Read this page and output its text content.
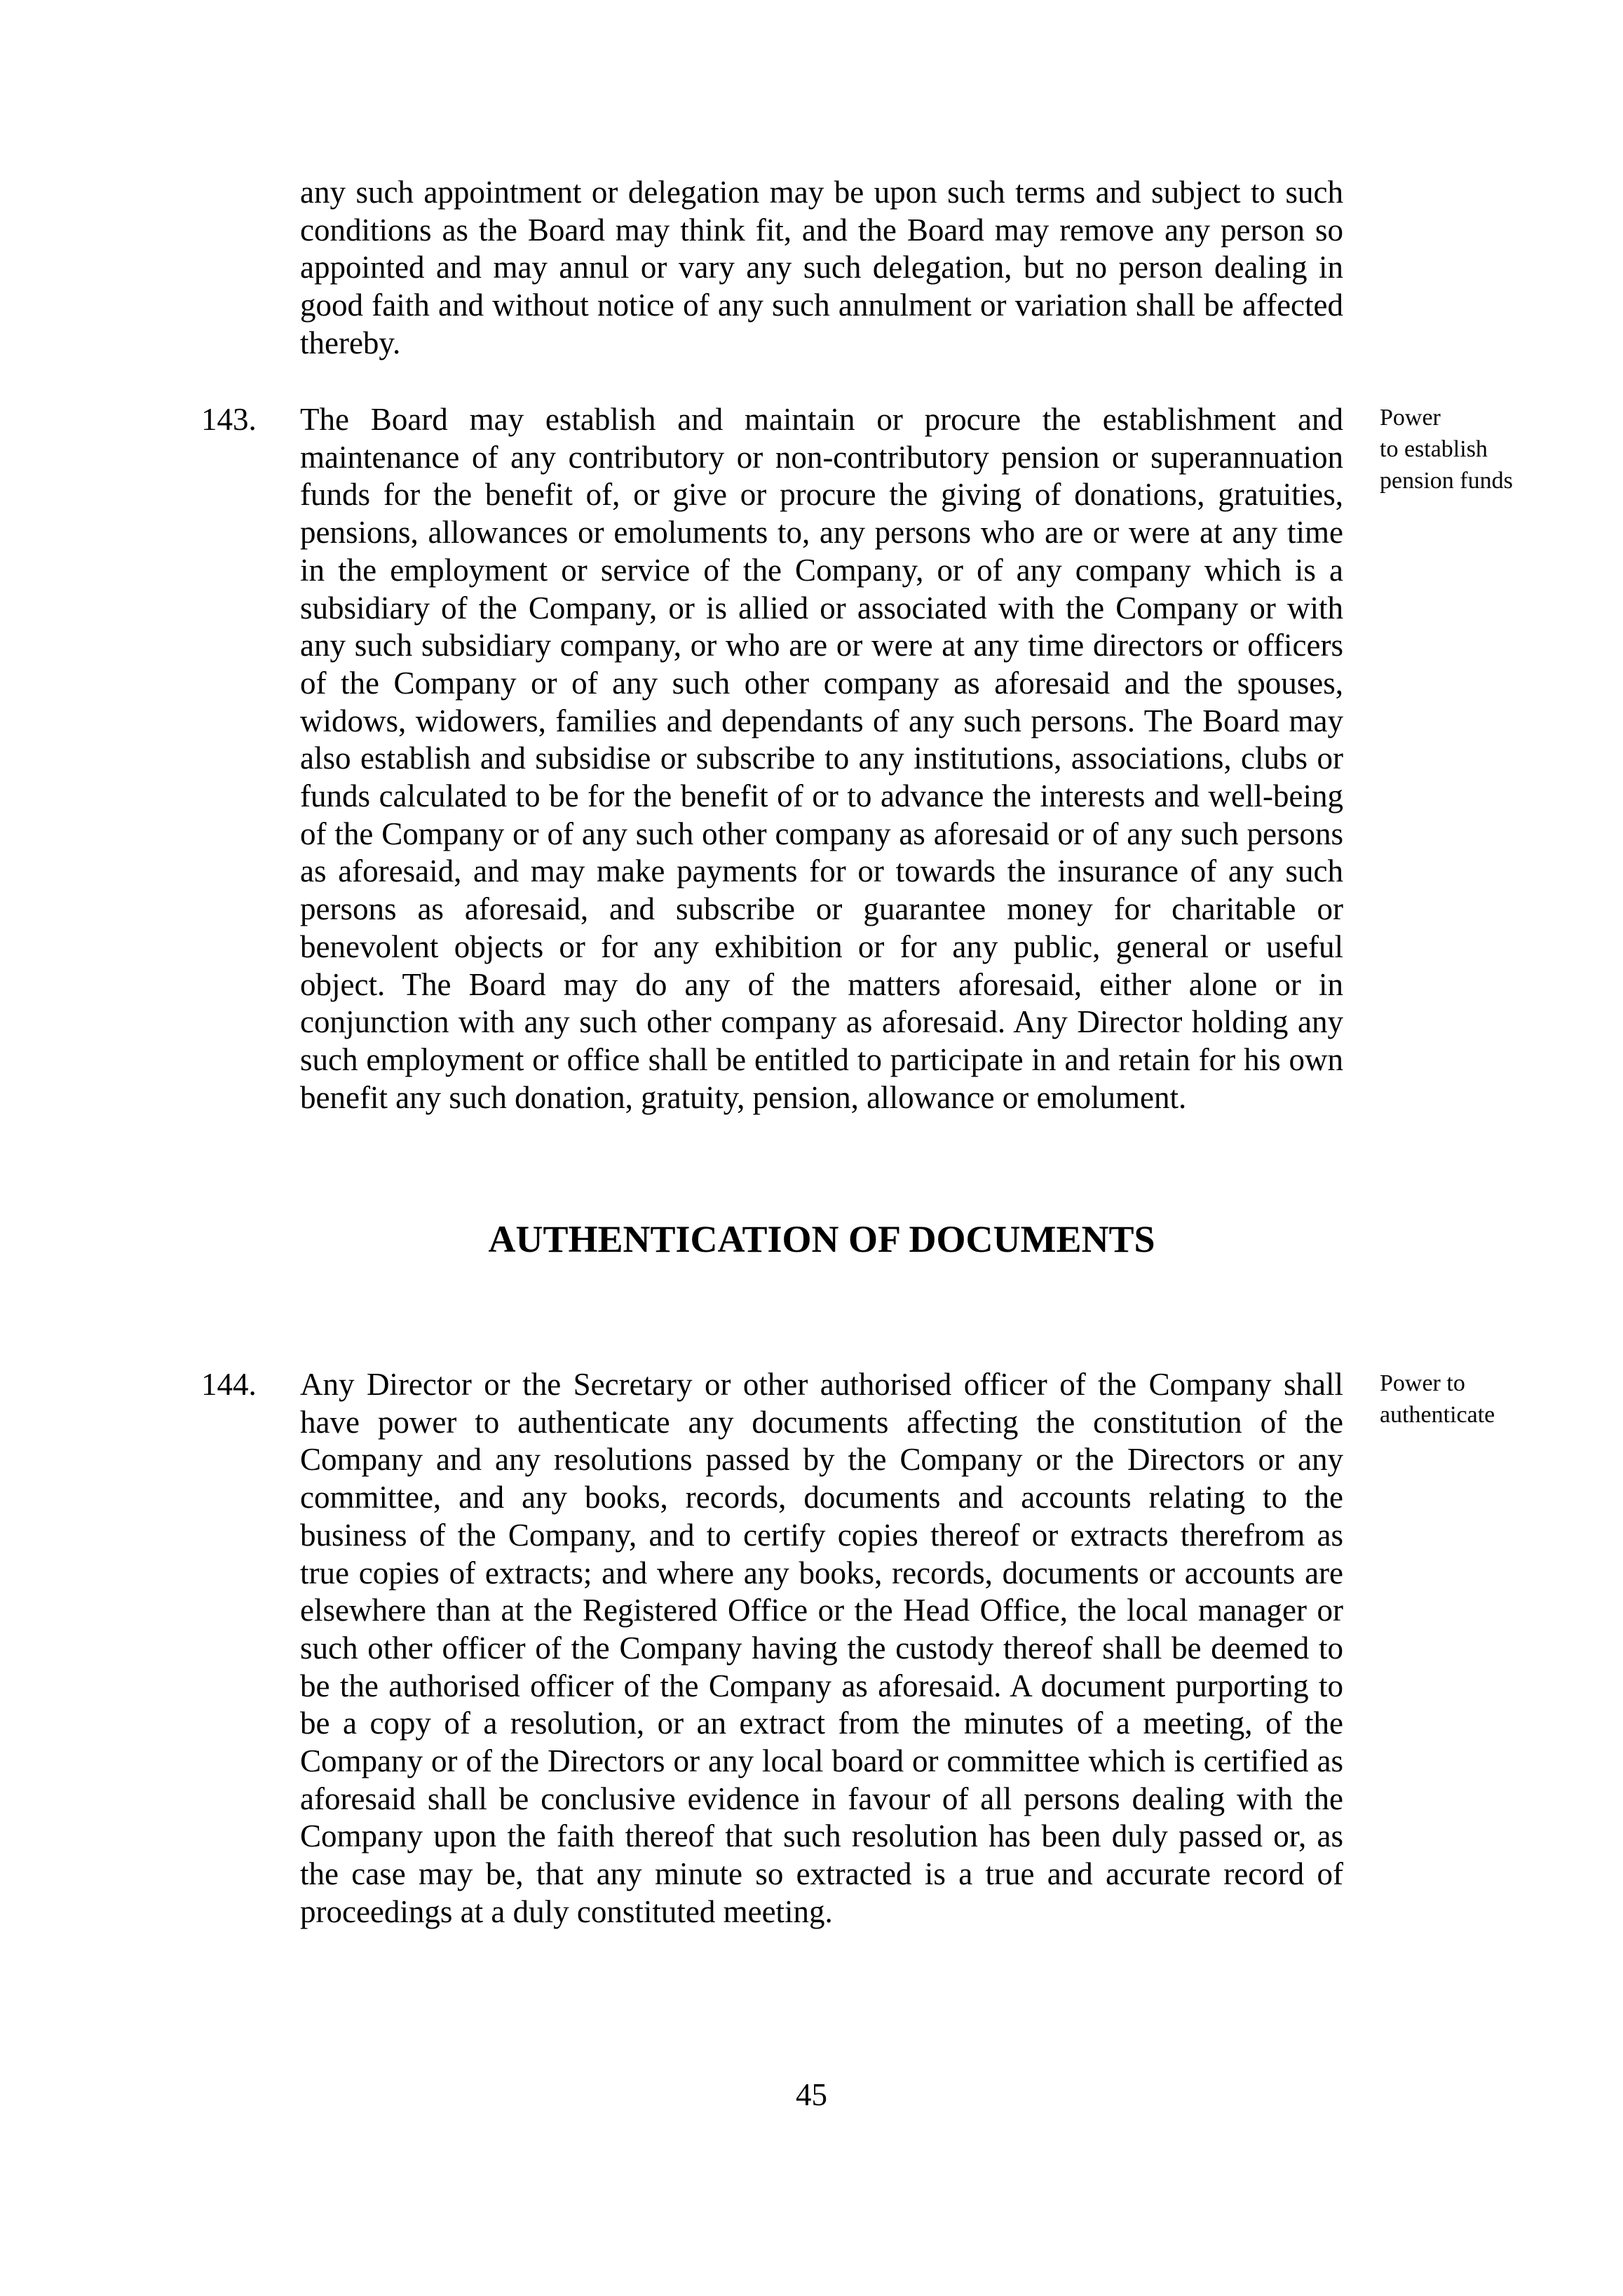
any such appointment or delegation may be upon such terms and subject to such conditions as the Board may think fit, and the Board may remove any person so appointed and may annul or vary any such delegation, but no person dealing in good faith and without notice of any such annulment or variation shall be affected thereby.

143. The Board may establish and maintain or procure the establishment and maintenance of any contributory or non-contributory pension or superannuation funds for the benefit of, or give or procure the giving of donations, gratuities, pensions, allowances or emoluments to, any persons who are or were at any time in the employment or service of the Company, or of any company which is a subsidiary of the Company, or is allied or associated with the Company or with any such subsidiary company, or who are or were at any time directors or officers of the Company or of any such other company as aforesaid and the spouses, widows, widowers, families and dependants of any such persons. The Board may also establish and subsidise or subscribe to any institutions, associations, clubs or funds calculated to be for the benefit of or to advance the interests and well-being of the Company or of any such other company as aforesaid or of any such persons as aforesaid, and may make payments for or towards the insurance of any such persons as aforesaid, and subscribe or guarantee money for charitable or benevolent objects or for any exhibition or for any public, general or useful object. The Board may do any of the matters aforesaid, either alone or in conjunction with any such other company as aforesaid. Any Director holding any such employment or office shall be entitled to participate in and retain for his own benefit any such donation, gratuity, pension, allowance or emolument.

Power
to establish
pension funds
AUTHENTICATION OF DOCUMENTS

144. Any Director or the Secretary or other authorised officer of the Company shall have power to authenticate any documents affecting the constitution of the Company and any resolutions passed by the Company or the Directors or any committee, and any books, records, documents and accounts relating to the business of the Company, and to certify copies thereof or extracts therefrom as true copies of extracts; and where any books, records, documents or accounts are elsewhere than at the Registered Office or the Head Office, the local manager or such other officer of the Company having the custody thereof shall be deemed to be the authorised officer of the Company as aforesaid. A document purporting to be a copy of a resolution, or an extract from the minutes of a meeting, of the Company or of the Directors or any local board or committee which is certified as aforesaid shall be conclusive evidence in favour of all persons dealing with the Company upon the faith thereof that such resolution has been duly passed or, as the case may be, that any minute so extracted is a true and accurate record of proceedings at a duly constituted meeting.

Power to
authenticate

45
